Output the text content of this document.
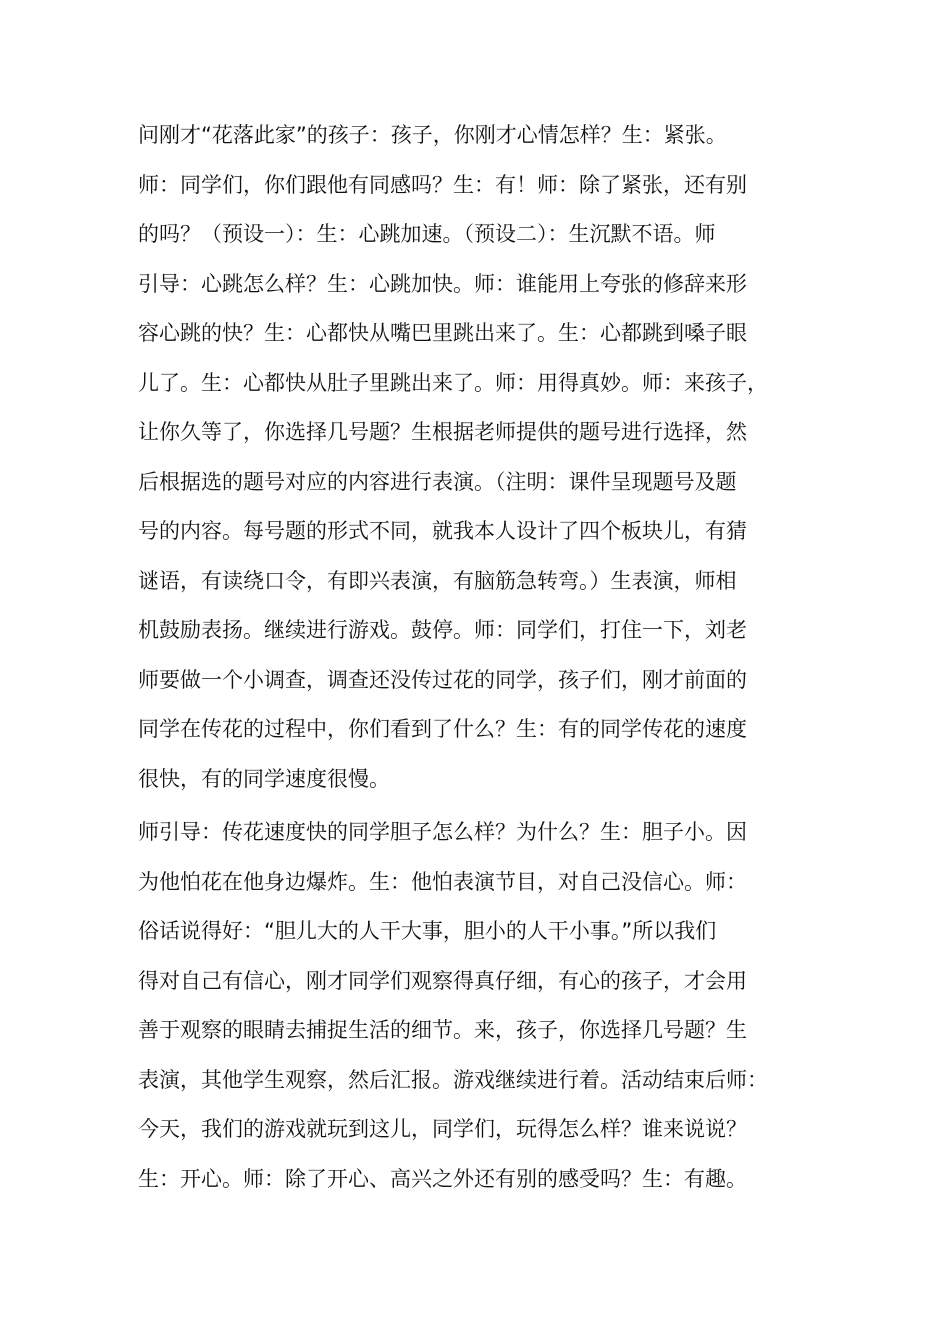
问刚才“花落此家”的孩子：孩子，你刚才心情怎样？生：紧张。
师：同学们，你们跟他有同感吗？生：有！师：除了紧张，还有别
的吗？（预设一）：生：心跳加速。（预设二）：生沉默不语。师
引导：心跳怎么样？生：心跳加快。师：谁能用上夸张的修辞来形
容心跳的快？生：心都快从嘴巴里跳出来了。生：心都跳到嗓子眼
儿了。生：心都快从肚子里跳出来了。师：用得真妙。师：来孩子，
让你久等了，你选择几号题？生根据老师提供的题号进行选择，然
后根据选的题号对应的内容进行表演。（注明：课件呈现题号及题
号的内容。每号题的形式不同，就我本人设计了四个板块儿，有猜
谜语，有读绕口令，有即兴表演，有脑筋急转弯。）生表演，师相
机鼓励表扬。继续进行游戏。鼓停。师：同学们，打住一下，刘老
师要做一个小调查，调查还没传过花的同学，孩子们，刚才前面的
同学在传花的过程中，你们看到了什么？生：有的同学传花的速度
很快，有的同学速度很慢。
师引导：传花速度快的同学胆子怎么样？为什么？生：胆子小。因
为他怕花在他身边爆炸。生：他怕表演节目，对自己没信心。师：
俗话说得好：“胆儿大的人干大事，胆小的人干小事。”所以我们
得对自己有信心，刚才同学们观察得真仔细，有心的孩子，才会用
善于观察的眼睛去捕捉生活的细节。来，孩子，你选择几号题？生
表演，其他学生观察，然后汇报。游戏继续进行着。活动结束后师：
今天，我们的游戏就玩到这儿，同学们，玩得怎么样？谁来说说？
生：开心。师：除了开心、高兴之外还有别的感受吗？生：有趣。
